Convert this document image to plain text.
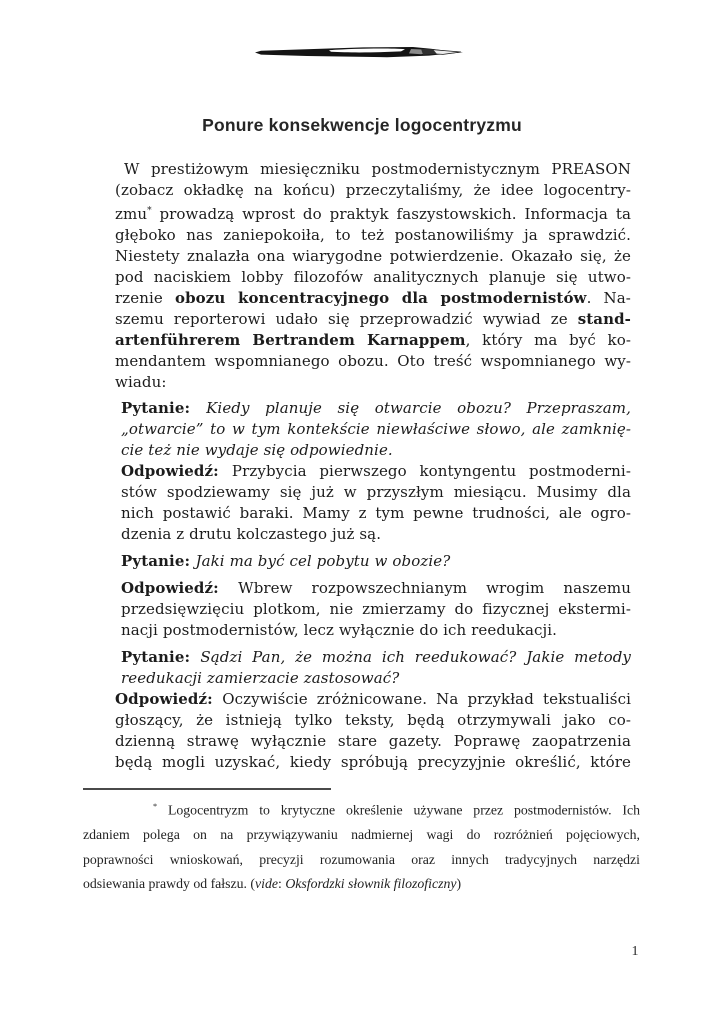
Ponure konsekwencje logocentryzmu
W prestiżowym miesięczniku postmodernistycznym PREASON
(zobacz okładkę na końcu) przeczytaliśmy, że idee logocentry-
zmu* prowadzą wprost do praktyk faszystowskich. Informacja ta
głęboko nas zaniepokoiła, to też postanowiliśmy ja sprawdzić.
Niestety znalazła ona wiarygodne potwierdzenie. Okazało się, że
pod naciskiem lobby filozofów analitycznych planuje się utwo-
rzenie obozu koncentracyjnego dla postmodernistów. Na-
szemu reporterowi udało się przeprowadzić wywiad ze stand-
artenführerem Bertrandem Karnappem, który ma być ko-
mendantem wspomnianego obozu. Oto treść wspomnianego wy-
wiadu:
Pytanie: Kiedy planuje się otwarcie obozu? Przepraszam,
„otwarcie” to w tym kontekście niewłaściwe słowo, ale zamknię-
cie też nie wydaje się odpowiednie.
Odpowiedź: Przybycia pierwszego kontyngentu postmoderni-
stów spodziewamy się już w przyszłym miesiącu. Musimy dla
nich postawić baraki. Mamy z tym pewne trudności, ale ogro-
dzenia z drutu kolczastego już są.
Pytanie: Jaki ma być cel pobytu w obozie?
Odpowiedź: Wbrew rozpowszechnianym wrogim naszemu
przedsięwzięciu plotkom, nie zmierzamy do fizycznej ekstermi-
nacji postmodernistów, lecz wyłącznie do ich reedukacji.
Pytanie: Sądzi Pan, że można ich reedukować? Jakie metody
reedukacji zamierzacie zastosować?
Odpowiedź: Oczywiście zróżnicowane. Na przykład tekstualiści
głoszący, że istnieją tylko teksty, będą otrzymywali jako co-
dzienną strawę wyłącznie stare gazety. Poprawę zaopatrzenia
będą mogli uzyskać, kiedy spróbują precyzyjnie określić, które
* Logocentryzm to krytyczne określenie używane przez postmodernistów. Ich
zdaniem polega on na przywiązywaniu nadmiernej wagi do rozróżnień pojęciowych,
poprawności wnioskowań, precyzji rozumowania oraz innych tradycyjnych narzędzi
odsiewania prawdy od fałszu. (vide: Oksfordzki słownik filozoficzny)
1
